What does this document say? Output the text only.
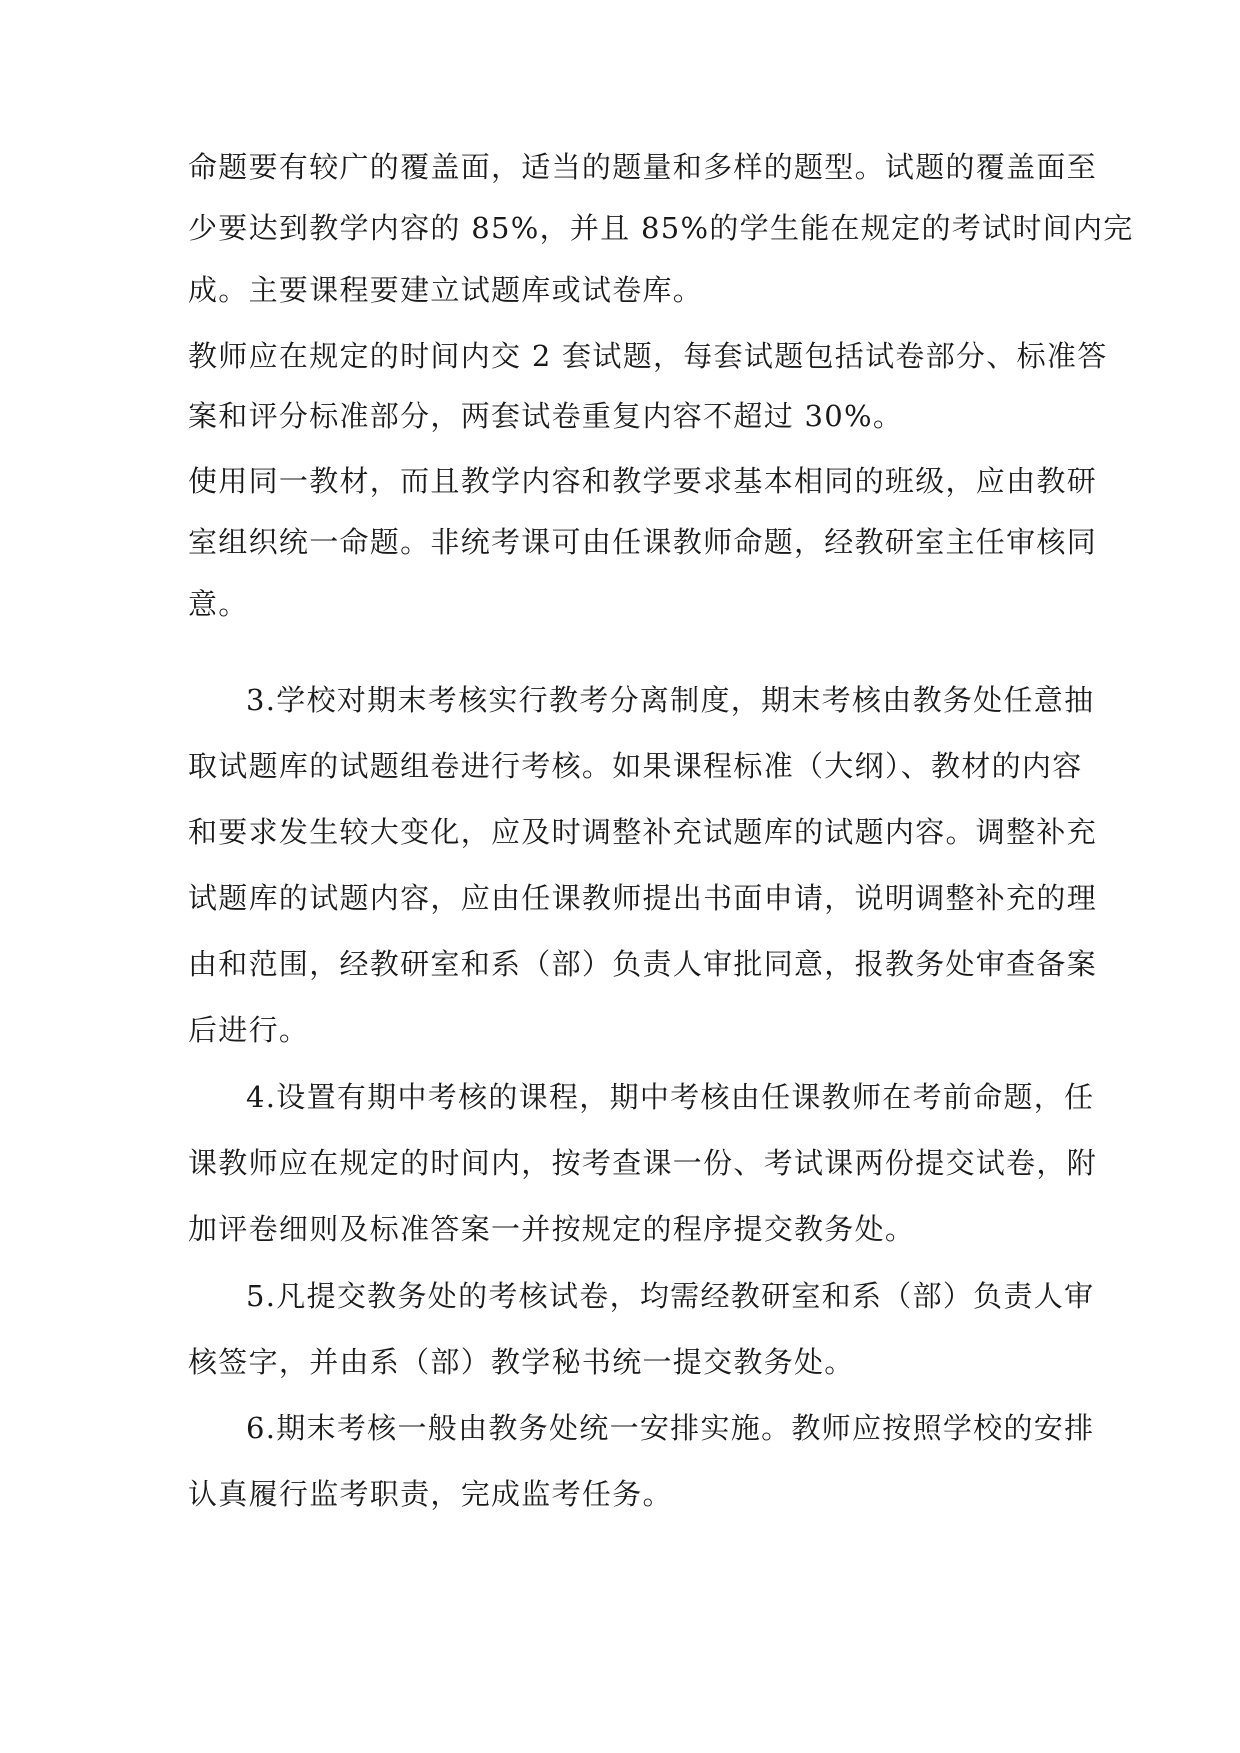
命题要有较广的覆盖面，适当的题量和多样的题型。试题的覆盖面至
少要达到教学内容的 85%，并且 85%的学生能在规定的考试时间内完
成。主要课程要建立试题库或试卷库。
教师应在规定的时间内交 2 套试题，每套试题包括试卷部分、标准答
案和评分标准部分，两套试卷重复内容不超过 30%。
使用同一教材，而且教学内容和教学要求基本相同的班级，应由教研
室组织统一命题。非统考课可由任课教师命题，经教研室主任审核同
意。
3.学校对期末考核实行教考分离制度，期末考核由教务处任意抽
取试题库的试题组卷进行考核。如果课程标准（大纲）、教材的内容
和要求发生较大变化，应及时调整补充试题库的试题内容。调整补充
试题库的试题内容，应由任课教师提出书面申请，说明调整补充的理
由和范围，经教研室和系（部）负责人审批同意，报教务处审查备案
后进行。
4.设置有期中考核的课程，期中考核由任课教师在考前命题，任
课教师应在规定的时间内，按考查课一份、考试课两份提交试卷，附
加评卷细则及标准答案一并按规定的程序提交教务处。
5.凡提交教务处的考核试卷，均需经教研室和系（部）负责人审
核签字，并由系（部）教学秘书统一提交教务处。
6.期末考核一般由教务处统一安排实施。教师应按照学校的安排
认真履行监考职责，完成监考任务。
